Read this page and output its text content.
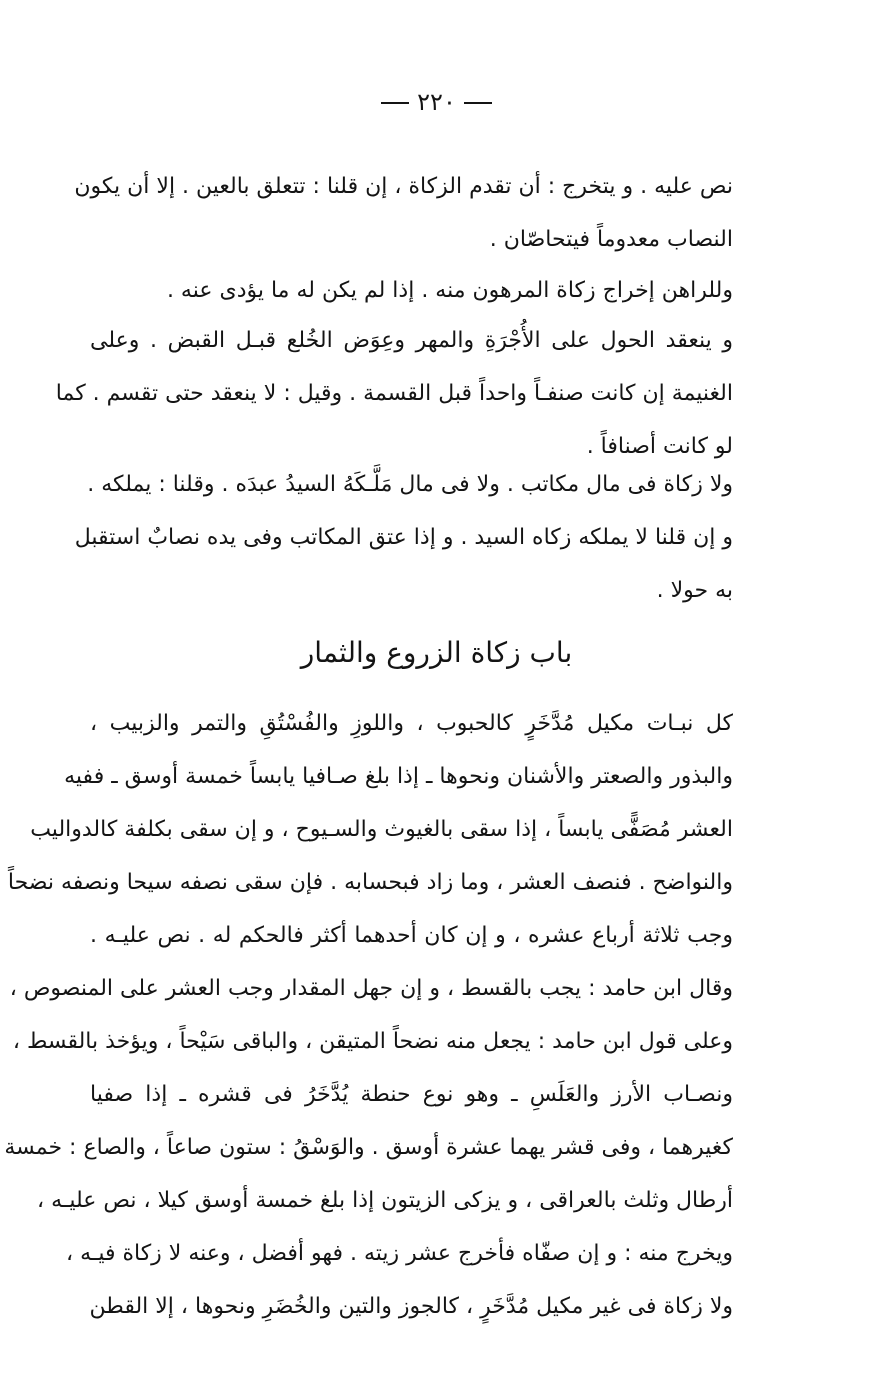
٢٢٠
نص عليه . و يتخرج : أن تقدم الزكاة ، إن قلنا : تتعلق بالعين . إلا أن يكون
النصاب معدوماً فيتحاصّان .
وللراهن إخراج زكاة المرهون منه . إذا لم يكن له ما يؤدى عنه .
و ينعقد الحول على الأُجْرَةِ والمهر وعِوَض الخُلع قبـل القبض . وعلى
الغنيمة إن كانت صنفـاً واحداً قبل القسمة . وقيل : لا ينعقد حتى تقسم . كما
لو كانت أصنافاً .
ولا زكاة فى مال مكاتب . ولا فى مال مَلَّـكَهُ السيدُ عبدَه . وقلنا : يملكه .
و إن قلنا لا يملكه زكاه السيد . و إذا عتق المكاتب وفى يده نصابٌ استقبل
به حولا .
باب زكاة الزروع والثمار
كل نبـات مكيل مُدَّخَرٍ كالحبوب ، واللوزِ والفُسْتُقِ والتمر والزبيب ،
والبذور والصعتر والأشنان ونحوها ـ إذا بلغ صـافيا يابساً خمسة أوسق ـ ففيه
العشر مُصَفًّى يابساً ، إذا سقى بالغيوث والسـيوح ، و إن سقى بكلفة كالدواليب
والنواضح . فنصف العشر ، وما زاد فبحسابه . فإن سقى نصفه سيحا ونصفه نضحاً
وجب ثلاثة أرباع عشره ، و إن كان أحدهما أكثر فالحكم له . نص عليـه .
وقال ابن حامد : يجب بالقسط ، و إن جهل المقدار وجب العشر على المنصوص ،
وعلى قول ابن حامد : يجعل منه نضحاً المتيقن ، والباقى سَيْحاً ، ويؤخذ بالقسط ،
ونصـاب الأرز والعَلَسِ ـ وهو نوع حنطة يُدَّخَرُ فى قشره ـ إذا صفيا
كغيرهما ، وفى قشر يهما عشرة أوسق . والوَسْقُ : ستون صاعاً ، والصاع : خمسة
أرطال وثلث بالعراقى ، و يزكى الزيتون إذا بلغ خمسة أوسق كيلا ، نص عليـه ،
ويخرج منه : و إن صفّاه فأخرج عشر زيته . فهو أفضل ، وعنه لا زكاة فيـه ،
ولا زكاة فى غير مكيل مُدَّخَرٍ ، كالجوز والتين والخُضَرِ ونحوها ، إلا القطن
